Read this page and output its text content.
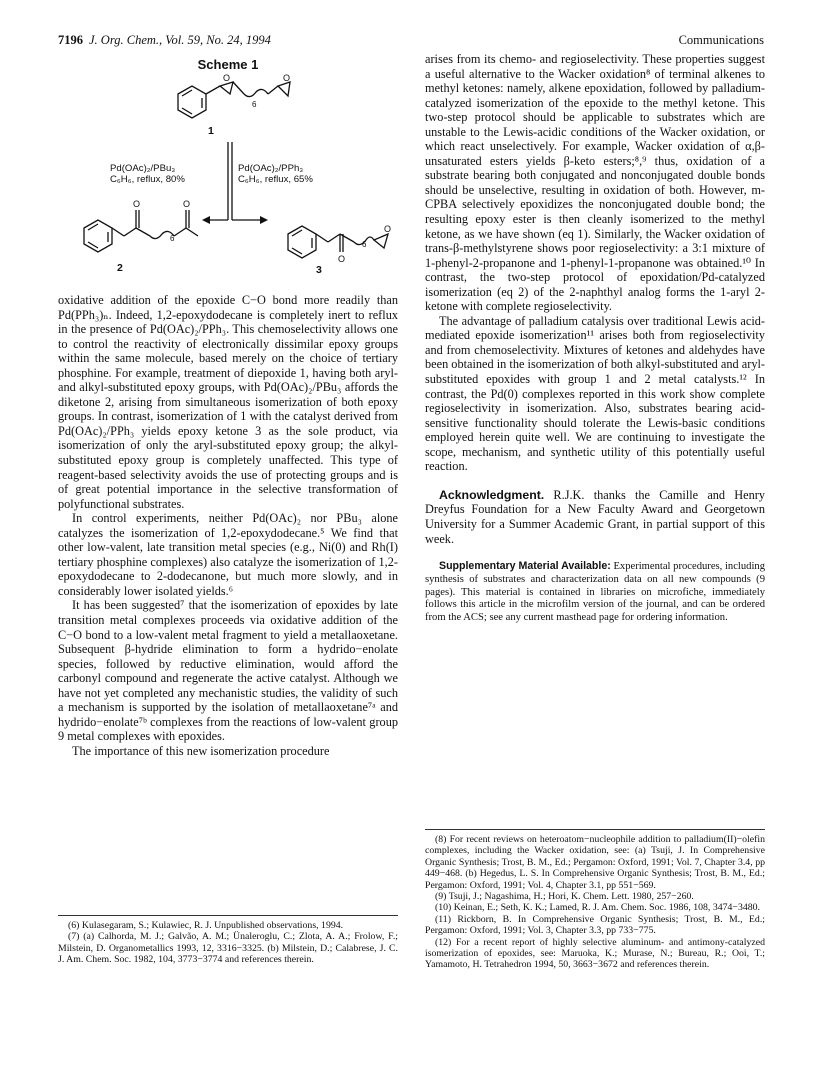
7196 J. Org. Chem., Vol. 59, No. 24, 1994	Communications
Scheme 1
O	O
O	O
O
O
1
2	3
6
6
6
Pd(OAc)₂/PBu₃
C₆H₆, reflux, 80%
Pd(OAc)₂/PPh₃
C₆H₆, reflux, 65%

oxidative addition of the epoxide C−O bond more readily than Pd(PPh₃)ₙ. Indeed, 1,2-epoxydodecane is completely inert to reflux in the presence of Pd(OAc)₂/PPh₃. This chemoselectivity allows one to control the reactivity of electronically dissimilar epoxy groups within the same molecule, based merely on the choice of tertiary phosphine. For example, treatment of diepoxide 1, having both aryl- and alkyl-substituted epoxy groups, with Pd(OAc)₂/PBu₃ affords the diketone 2, arising from simultaneous isomerization of both epoxy groups. In contrast, isomerization of 1 with the catalyst derived from Pd(OAc)₂/PPh₃ yields epoxy ketone 3 as the sole product, via isomerization of only the aryl-substituted epoxy group; the alkyl-substituted epoxy group is completely unaffected. This type of reagent-based selectivity avoids the use of protecting groups and is of great potential importance in the selective transformation of polyfunctional substrates.

In control experiments, neither Pd(OAc)₂ nor PBu₃ alone catalyzes the isomerization of 1,2-epoxydodecane.⁵ We find that other low-valent, late transition metal species (e.g., Ni(0) and Rh(I) tertiary phosphine complexes) also catalyze the isomerization of 1,2-epoxydodecane to 2-dodecanone, but much more slowly, and in considerably lower isolated yields.⁶

It has been suggested⁷ that the isomerization of epoxides by late transition metal complexes proceeds via oxidative addition of the C−O bond to a low-valent metal fragment to yield a metallaoxetane. Subsequent β-hydride elimination to form a hydrido−enolate species, followed by reductive elimination, would afford the carbonyl compound and regenerate the active catalyst. Although we have not yet completed any mechanistic studies, the validity of such a mechanism is supported by the isolation of metallaoxetane⁷ᵃ and hydrido−enolate⁷ᵇ complexes from the reactions of low-valent group 9 metal complexes with epoxides.

The importance of this new isomerization procedure

(6) Kulasegaram, S.; Kulawiec, R. J. Unpublished observations, 1994.
(7) (a) Calhorda, M. J.; Galvão, A. M.; Ünaleroglu, C.; Zlota, A. A.; Frolow, F.; Milstein, D. Organometallics 1993, 12, 3316−3325. (b) Milstein, D.; Calabrese, J. C. J. Am. Chem. Soc. 1982, 104, 3773−3774 and references therein.

arises from its chemo- and regioselectivity. These properties suggest a useful alternative to the Wacker oxidation⁸ of terminal alkenes to methyl ketones: namely, alkene epoxidation, followed by palladium-catalyzed isomerization of the epoxide to the methyl ketone. This two-step protocol should be applicable to substrates which are unstable to the Lewis-acidic conditions of the Wacker oxidation, or which react unselectively. For example, Wacker oxidation of α,β-unsaturated esters yields β-keto esters;⁸,⁹ thus, oxidation of a substrate bearing both conjugated and nonconjugated double bonds should be unselective, resulting in oxidation of both. However, m-CPBA selectively epoxidizes the nonconjugated double bond; the resulting epoxy ester is then cleanly isomerized to the methyl ketone, as we have shown (eq 1). Similarly, the Wacker oxidation of trans-β-methylstyrene shows poor regioselectivity: a 3:1 mixture of 1-phenyl-2-propanone and 1-phenyl-1-propanone was obtained.¹⁰ In contrast, the two-step protocol of epoxidation/Pd-catalyzed isomerization (eq 2) of the 2-naphthyl analog forms the 1-aryl 2-ketone with complete regioselectivity.

The advantage of palladium catalysis over traditional Lewis acid-mediated epoxide isomerization¹¹ arises both from regioselectivity and from chemoselectivity. Mixtures of ketones and aldehydes have been obtained in the isomerization of both alkyl-substituted and aryl-substituted epoxides with group 1 and 2 metal catalysts.¹² In contrast, the Pd(0) complexes reported in this work show complete regioselectivity in isomerization. Also, substrates bearing acid-sensitive functionality should tolerate the Lewis-basic conditions employed herein quite well. We are continuing to investigate the scope, mechanism, and synthetic utility of this potentially useful reaction.

Acknowledgment. R.J.K. thanks the Camille and Henry Dreyfus Foundation for a New Faculty Award and Georgetown University for a Summer Academic Grant, in partial support of this week.

Supplementary Material Available: Experimental procedures, including synthesis of substrates and characterization data on all new compounds (9 pages). This material is contained in libraries on microfiche, immediately follows this article in the microfilm version of the journal, and can be ordered from the ACS; see any current masthead page for ordering information.

(8) For recent reviews on heteroatom−nucleophile addition to palladium(II)−olefin complexes, including the Wacker oxidation, see: (a) Tsuji, J. In Comprehensive Organic Synthesis; Trost, B. M., Ed.; Pergamon: Oxford, 1991; Vol. 7, Chapter 3.4, pp 449−468. (b) Hegedus, L. S. In Comprehensive Organic Synthesis; Trost, B. M., Ed.; Pergamon: Oxford, 1991; Vol. 4, Chapter 3.1, pp 551−569.
(9) Tsuji, J.; Nagashima, H.; Hori, K. Chem. Lett. 1980, 257−260.
(10) Keinan, E.; Seth, K. K.; Lamed, R. J. Am. Chem. Soc. 1986, 108, 3474−3480.
(11) Rickborn, B. In Comprehensive Organic Synthesis; Trost, B. M., Ed.; Pergamon: Oxford, 1991; Vol. 3, Chapter 3.3, pp 733−775.
(12) For a recent report of highly selective aluminum- and antimony-catalyzed isomerization of epoxides, see: Maruoka, K.; Murase, N.; Bureau, R.; Ooi, T.; Yamamoto, H. Tetrahedron 1994, 50, 3663−3672 and references therein.
